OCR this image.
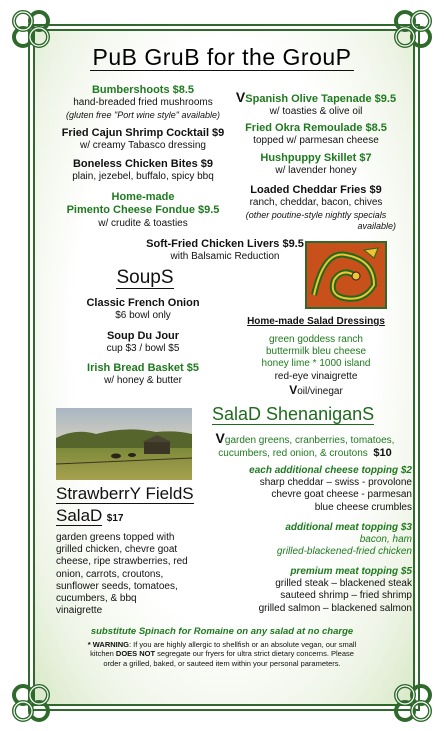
PuB GruB for the GrouP
Bumbershoots $8.5
hand-breaded fried mushrooms
(gluten free "Port wine style" available)
Fried Cajun Shrimp Cocktail $9
w/ creamy Tabasco dressing
Boneless Chicken Bites $9
plain, jezebel, buffalo, spicy bbq
Home-made
Pimento Cheese Fondue $9.5
w/ crudite & toasties
VSpanish Olive Tapenade $9.5
w/ toasties & olive oil
Fried Okra Remoulade $8.5
topped w/ parmesan cheese
Hushpuppy Skillet $7
w/ lavender honey
Loaded Cheddar Fries $9
ranch, cheddar, bacon, chives
(other poutine-style nightly specials
available)
Soft-Fried Chicken Livers $9.5
with Balsamic Reduction
SoupS
Classic French Onion
$6 bowl only
Soup Du Jour
cup $3 / bowl $5
Irish Bread Basket $5
w/ honey & butter
Home-made Salad Dressings
green goddess ranch
buttermilk bleu cheese
honey lime * 1000 island
red-eye vinaigrette
Voil/vinegar
SalaD ShenaniganS
Vgarden greens, cranberries, tomatoes,
cucumbers, red onion, & croutons $10
each additional cheese topping $2
sharp cheddar – swiss - provolone
chevre goat cheese - parmesan
blue cheese crumbles
additional meat topping $3
bacon, ham
grilled-blackened-fried chicken
premium meat topping $5
grilled steak – blackened steak
sauteed shrimp – fried shrimp
grilled salmon – blackened salmon
StrawberrY FieldS
SalaD $17
garden greens topped with
grilled chicken, chevre goat
cheese, ripe strawberries, red
onion, carrots, croutons,
sunflower seeds, tomatoes,
cucumbers, & bbq
vinaigrette
substitute Spinach for Romaine on any salad at no charge
* WARNING: If you are highly allergic to shellfish or an absolute vegan, our small
kitchen DOES NOT segregate our fryers for ultra strict dietary concerns. Please
order a grilled, baked, or sauteed item within your personal parameters.
